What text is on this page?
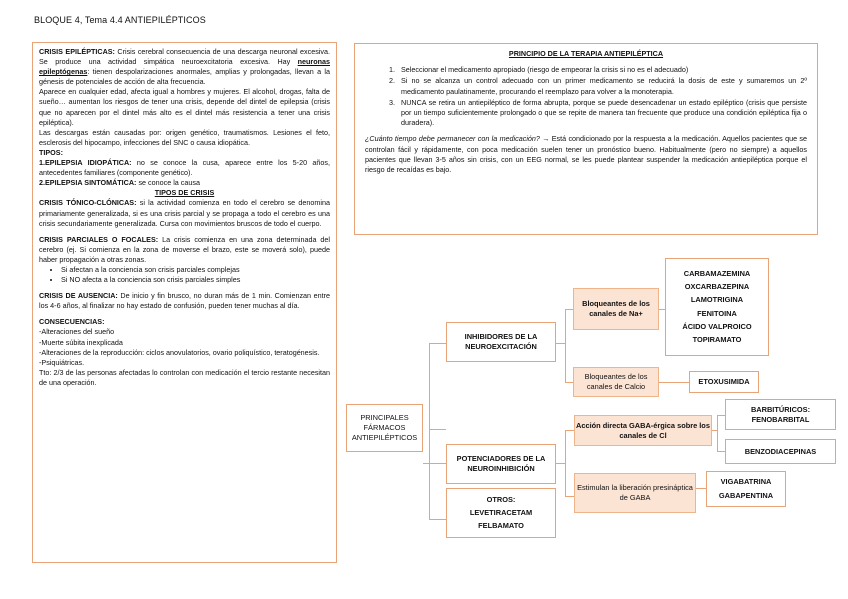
BLOQUE 4, Tema 4.4 ANTIEPILÉPTICOS

CRISIS EPILÉPTICAS: Crisis cerebral consecuencia de una descarga neuronal excesiva. Se produce una actividad simpática neuroexcitatoria excesiva. Hay neuronas epileptógenas: tienen despolarizaciones anormales, amplias y prolongadas, llevan a la génesis de potenciales de acción de alta frecuencia.

Aparece en cualquier edad, afecta igual a hombres y mujeres. El alcohol, drogas, falta de sueño… aumentan los riesgos de tener una crisis, depende del dintel de epilepsia (crisis que no aparecen por el dintel más alto es el dintel más resistencia a tener una crisis epiléptica).

Las descargas están causadas por: origen genético, traumatismos. Lesiones el feto, esclerosis del hipocampo, infecciones del SNC o causa idiopática.

TIPOS:

1.EPILEPSIA IDIOPÁTICA: no se conoce la cusa, aparece entre los 5-20 años, antecedentes familiares (componente genético).

2.EPILEPSIA SINTOMÁTICA: se conoce la causa

TIPOS DE CRISIS

CRISIS TÓNICO-CLÓNICAS: si la actividad comienza en todo el cerebro se denomina primariamente generalizada, si es una crisis parcial y se propaga a todo el cerebro es una crisis secundariamente generalizada. Cursa con movimientos bruscos de todo el cuerpo.

CRISIS PARCIALES O FOCALES: La crisis comienza en una zona determinada del cerebro (ej. Si comienza en la zona de moverse el brazo, este se moverá solo), puede haber propagación a otras zonas.

• Si afectan a la conciencia son crisis parciales complejas
• Si NO afecta a la conciencia son crisis parciales simples

CRISIS DE AUSENCIA: De inicio y fin brusco, no duran más de 1 min. Comienzan entre los 4-6 años, al finalizar no hay estado de confusión, pueden tener muchas al día.

CONSECUENCIAS:

-Alteraciones del sueño

-Muerte súbita inexplicada

-Alteraciones de la reproducción: ciclos anovulatorios, ovario poliquístico, teratogénesis.

-Psiquiátricas.

Tto: 2/3 de las personas afectadas lo controlan con medicación el tercio restante necesitan de una operación.

PRINCIPIO DE LA TERAPIA ANTIEPILÉPTICA
1. Seleccionar el medicamento apropiado (riesgo de empeorar la crisis si no es el adecuado)
2. Si no se alcanza un control adecuado con un primer medicamento se reducirá la dosis de este y sumaremos un 2º medicamento paulatinamente, procurando el reemplazo para volver a la monoterapia.
3. NUNCA se retira un antiepiléptico de forma abrupta, porque se puede desencadenar un estado epiléptico (crisis que persiste por un tiempo suficientemente prolongado o que se repite de manera tan frecuente que produce una condición epiléptica fija o duradera).

¿Cuánto tiempo debe permanecer con la medicación? → Está condicionado por la respuesta a la medicación. Aquellos pacientes que se controlan fácil y rápidamente, con poca medicación suelen tener un pronóstico bueno. Habitualmente (pero no siempre) a aquellos pacientes que llevan 3-5 años sin crisis, con un EEG normal, se les puede plantear suspender la medicación antiepiléptica porque el riesgo de recaídas es bajo.

PRINCIPALES FÁRMACOS ANTIEPILÉPTICOS
INHIBIDORES DE LA NEUROEXCITACIÓN
POTENCIADORES DE LA NEUROINHIBICIÓN
OTROS:
LEVETIRACETAM
FELBAMATO
Bloqueantes de los canales de Na+
CARBAMAZEMINA
OXCARBAZEPINA
LAMOTRIGINA
FENITOINA
ÁCIDO VALPROICO
TOPIRAMATO
Bloqueantes de los canales de Calcio
ETOXUSIMIDA
Acción directa GABA-érgica sobre los canales de Cl
BARBITÚRICOS: FENOBARBITAL
BENZODIACEPINAS
Estimulan la liberación presináptica de GABA
VIGABATRINA
GABAPENTINA
